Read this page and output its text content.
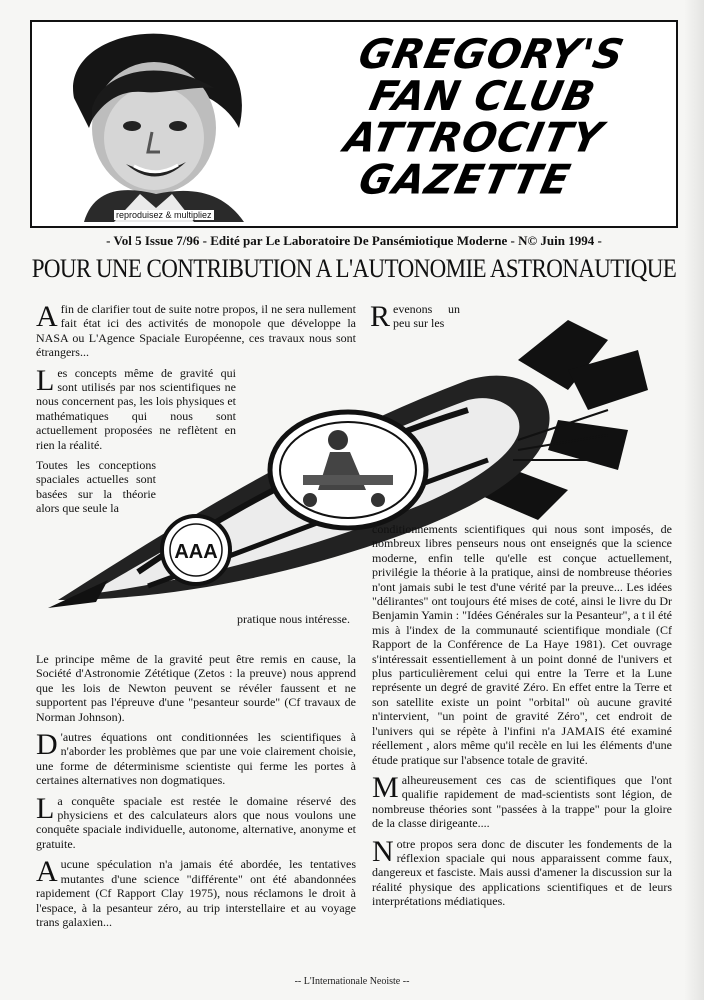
reproduisez & multipliez
GREGORY'S
FAN CLUB
ATTROCITY
GAZETTE
- Vol 5 Issue 7/96 - Edité par Le Laboratoire De Pansémiotique Moderne - N© Juin 1994 -
POUR UNE CONTRIBUTION A L'AUTONOMIE ASTRONAUTIQUE
AAA

Afin de clarifier tout de suite notre propos, il ne sera nullement fait état ici des activités de monopole que développe la NASA ou L'Agence Spaciale Européenne, ces travaux nous sont étrangers...

Les concepts même de gravité qui sont utilisés par nos scientifiques ne nous concernent pas, les lois physiques et mathématiques qui nous sont actuellement proposées ne reflètent en rien la réalité.

Toutes les conceptions spaciales actuelles sont basées sur la théorie alors que seule la

pratique nous intéresse.

Le principe même de la gravité peut être remis en cause, la Société d'Astronomie Zététique (Zetos : la preuve) nous apprend que les lois de Newton peuvent se révéler faussent et ne supportent pas l'épreuve d'une "pesanteur sourde" (Cf travaux de Norman Johnson).

D 'autres équations ont conditionnées les scientifiques à n'aborder les problèmes que par une voie clairement choisie, une forme de déterminisme scientiste qui ferme les portes à certaines alternatives non dogmatiques.

La conquête spaciale est restée le domaine réservé des physiciens et des calculateurs alors que nous voulons une conquête spaciale individuelle, autonome, alternative, anonyme et gratuite.

Aucune spéculation n'a jamais été abordée, les tentatives mutantes d'une science "différente" ont été abandonnées rapidement (Cf Rapport Clay 1975), nous réclamons le droit à l'espace, à la pesanteur zéro, au trip interstellaire et au voyage trans galaxien...

Revenons un peu sur les

conditionnements scientifiques qui nous sont imposés, de nombreux libres penseurs nous ont enseignés que la science moderne, enfin telle qu'elle est conçue actuellement, privilégie la théorie à la pratique, ainsi de nombreuse théories n'ont jamais subi le test d'une vérité par la preuve... Les idées "délirantes" ont toujours été mises de coté, ainsi le livre du Dr Benjamin Yamin : "Idées Générales sur la Pesanteur", a t il été mis à l'index de la communauté scientifique mondiale (Cf Rapport de la Conférence de La Haye 1981). Cet ouvrage s'intéressait essentiellement à un point donné de l'univers et plus particulièrement celui qui entre la Terre et la Lune représente un degré de gravité Zéro. En effet entre la Terre et son satellite existe un point "orbital" où aucune gravité n'intervient, "un point de gravité Zéro", cet endroit de l'univers qui se répète à l'infini n'a JAMAIS été examiné réellement , alors même qu'il recèle en lui les éléments d'une étude pratique sur l'absence totale de gravité.

Malheureusement ces cas de scientifiques que l'ont qualifie rapidement de mad-scientists sont légion, de nombreuse théories sont "passées à la trappe" pour la gloire de la classe dirigeante....

Notre propos sera donc de discuter les fondements de la réflexion spaciale qui nous apparaissent comme faux, dangereux et fasciste. Mais aussi d'amener la discussion sur la réalité physique des applications scientifiques et de leurs interprétations médiatiques.

-- L'Internationale Neoiste --
